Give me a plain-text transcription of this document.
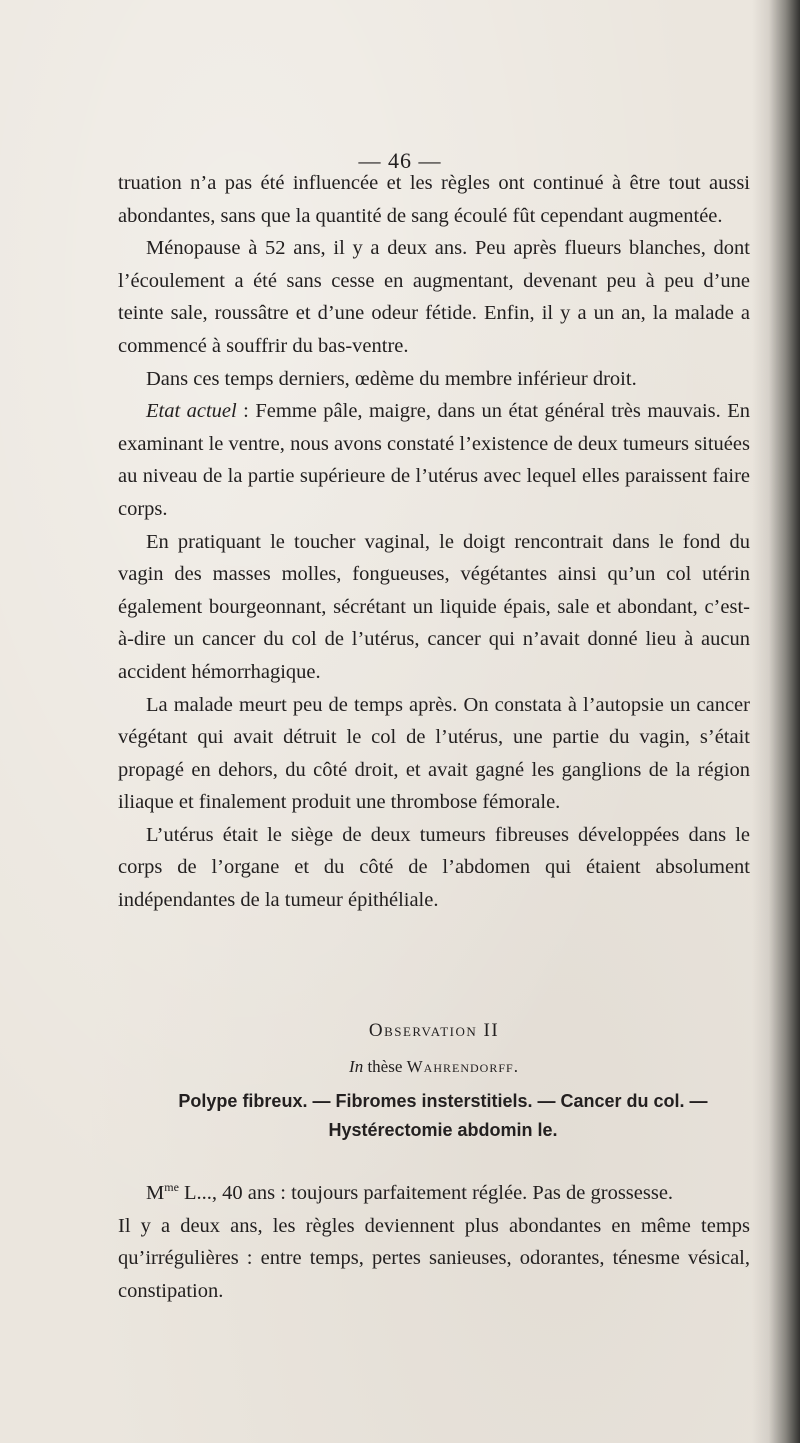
— 46 —

truation n’a pas été influencée et les règles ont continué à être tout aussi abondantes, sans que la quantité de sang écoulé fût cependant augmentée.

Ménopause à 52 ans, il y a deux ans. Peu après flueurs blanches, dont l’écoulement a été sans cesse en augmentant, devenant peu à peu d’une teinte sale, roussâtre et d’une odeur fétide. Enfin, il y a un an, la malade a commencé à souffrir du bas-ventre.

Dans ces temps derniers, œdème du membre inférieur droit.

Etat actuel : Femme pâle, maigre, dans un état général très mauvais. En examinant le ventre, nous avons constaté l’existence de deux tumeurs situées au niveau de la partie supérieure de l’utérus avec lequel elles paraissent faire corps.

En pratiquant le toucher vaginal, le doigt rencontrait dans le fond du vagin des masses molles, fongueuses, végétantes ainsi qu’un col utérin également bourgeonnant, sécrétant un liquide épais, sale et abondant, c’est-à-dire un cancer du col de l’utérus, cancer qui n’avait donné lieu à aucun accident hémorrhagique.

La malade meurt peu de temps après. On constata à l’autopsie un cancer végétant qui avait détruit le col de l’utérus, une partie du vagin, s’était propagé en dehors, du côté droit, et avait gagné les ganglions de la région iliaque et finalement produit une thrombose fémorale.

L’utérus était le siège de deux tumeurs fibreuses développées dans le corps de l’organe et du côté de l’abdomen qui étaient absolument indépendantes de la tumeur épithéliale.

Observation II
In thèse Wahrendorff.
Polype fibreux. — Fibromes insterstitiels. — Cancer du col. — Hystérectomie abdomin le.

$M^{me}$ L..., 40 ans : toujours parfaitement réglée. Pas de grossesse.

Il y a deux ans, les règles deviennent plus abondantes en même temps qu’irrégulières : entre temps, pertes sanieuses, odorantes, ténesme vésical, constipation.
